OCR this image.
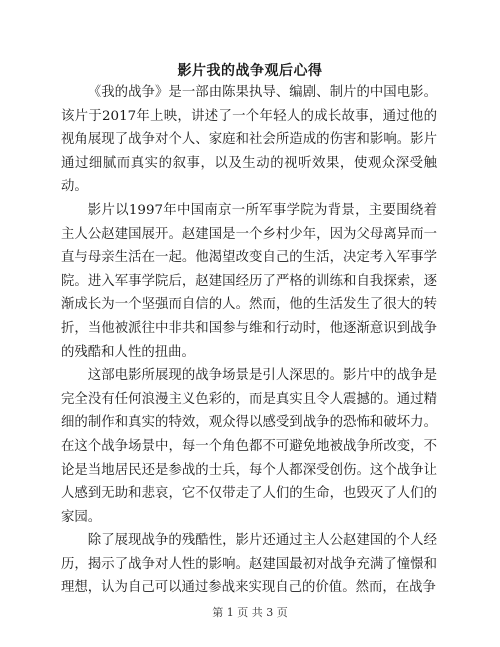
影片我的战争观后心得

《我的战争》是一部由陈果执导、编剧、制片的中国电影。该片于2017年上映，讲述了一个年轻人的成长故事，通过他的视角展现了战争对个人、家庭和社会所造成的伤害和影响。影片通过细腻而真实的叙事，以及生动的视听效果，使观众深受触动。

影片以1997年中国南京一所军事学院为背景，主要围绕着主人公赵建国展开。赵建国是一个乡村少年，因为父母离异而一直与母亲生活在一起。他渴望改变自己的生活，决定考入军事学院。进入军事学院后，赵建国经历了严格的训练和自我探索，逐渐成长为一个坚强而自信的人。然而，他的生活发生了很大的转折，当他被派往中非共和国参与维和行动时，他逐渐意识到战争的残酷和人性的扭曲。

这部电影所展现的战争场景是引人深思的。影片中的战争是完全没有任何浪漫主义色彩的，而是真实且令人震撼的。通过精细的制作和真实的特效，观众得以感受到战争的恐怖和破坏力。在这个战争场景中，每一个角色都不可避免地被战争所改变，不论是当地居民还是参战的士兵，每个人都深受创伤。这个战争让人感到无助和悲哀，它不仅带走了人们的生命，也毁灭了人们的家园。

除了展现战争的残酷性，影片还通过主人公赵建国的个人经历，揭示了战争对人性的影响。赵建国最初对战争充满了憧憬和理想，认为自己可以通过参战来实现自己的价值。然而，在战争

第 1 页 共 3 页
